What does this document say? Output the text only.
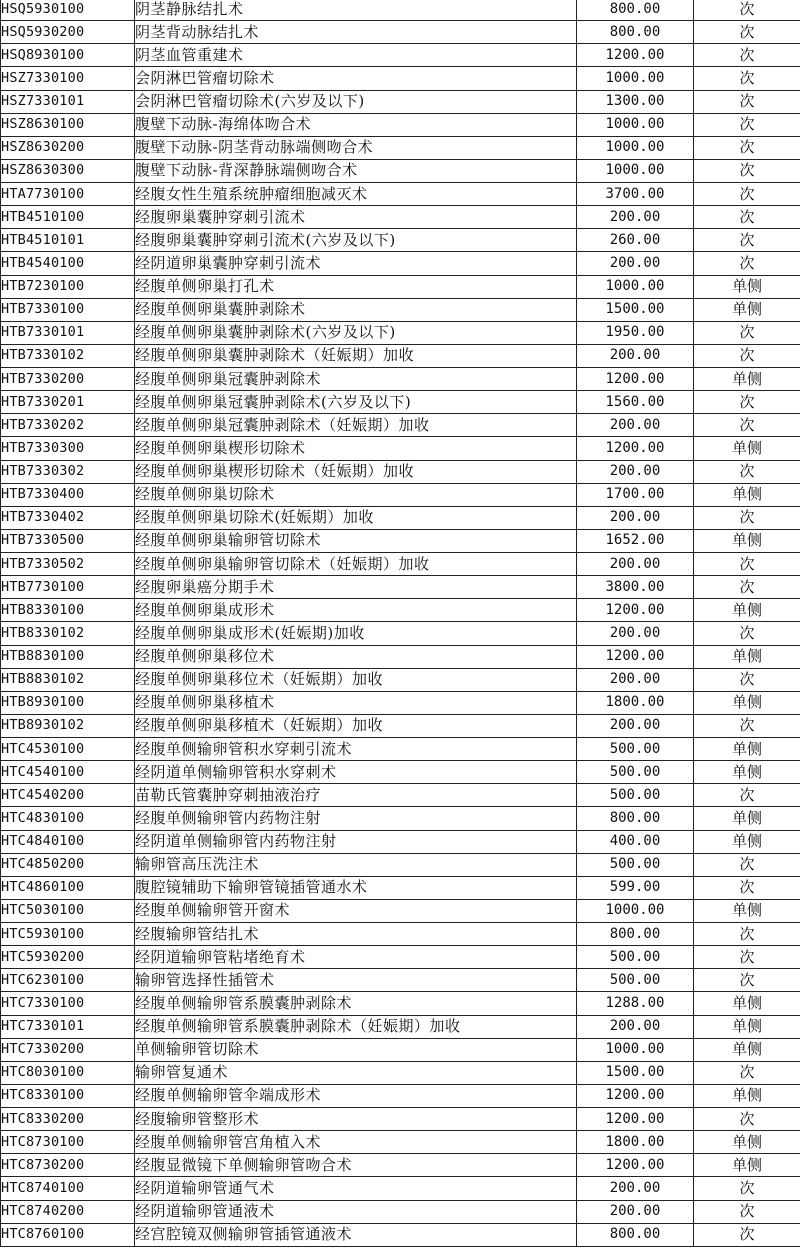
HSQ5930100	阴茎静脉结扎术	800.00	次
HSQ5930200	阴茎背动脉结扎术	800.00	次
HSQ8930100	阴茎血管重建术	1200.00	次
HSZ7330100	会阴淋巴管瘤切除术	1000.00	次
HSZ7330101	会阴淋巴管瘤切除术(六岁及以下)	1300.00	次
HSZ8630100	腹壁下动脉-海绵体吻合术	1000.00	次
HSZ8630200	腹壁下动脉-阴茎背动脉端侧吻合术	1000.00	次
HSZ8630300	腹壁下动脉-背深静脉端侧吻合术	1000.00	次
HTA7730100	经腹女性生殖系统肿瘤细胞减灭术	3700.00	次
HTB4510100	经腹卵巢囊肿穿刺引流术	200.00	次
HTB4510101	经腹卵巢囊肿穿刺引流术(六岁及以下)	260.00	次
HTB4540100	经阴道卵巢囊肿穿刺引流术	200.00	次
HTB7230100	经腹单侧卵巢打孔术	1000.00	单侧
HTB7330100	经腹单侧卵巢囊肿剥除术	1500.00	单侧
HTB7330101	经腹单侧卵巢囊肿剥除术(六岁及以下)	1950.00	次
HTB7330102	经腹单侧卵巢囊肿剥除术（妊娠期）加收	200.00	次
HTB7330200	经腹单侧卵巢冠囊肿剥除术	1200.00	单侧
HTB7330201	经腹单侧卵巢冠囊肿剥除术(六岁及以下)	1560.00	次
HTB7330202	经腹单侧卵巢冠囊肿剥除术（妊娠期）加收	200.00	次
HTB7330300	经腹单侧卵巢楔形切除术	1200.00	单侧
HTB7330302	经腹单侧卵巢楔形切除术（妊娠期）加收	200.00	次
HTB7330400	经腹单侧卵巢切除术	1700.00	单侧
HTB7330402	经腹单侧卵巢切除术(妊娠期）加收	200.00	次
HTB7330500	经腹单侧卵巢输卵管切除术	1652.00	单侧
HTB7330502	经腹单侧卵巢输卵管切除术（妊娠期）加收	200.00	次
HTB7730100	经腹卵巢癌分期手术	3800.00	次
HTB8330100	经腹单侧卵巢成形术	1200.00	单侧
HTB8330102	经腹单侧卵巢成形术(妊娠期)加收	200.00	次
HTB8830100	经腹单侧卵巢移位术	1200.00	单侧
HTB8830102	经腹单侧卵巢移位术（妊娠期）加收	200.00	次
HTB8930100	经腹单侧卵巢移植术	1800.00	单侧
HTB8930102	经腹单侧卵巢移植术（妊娠期）加收	200.00	次
HTC4530100	经腹单侧输卵管积水穿刺引流术	500.00	单侧
HTC4540100	经阴道单侧输卵管积水穿刺术	500.00	单侧
HTC4540200	苗勒氏管囊肿穿刺抽液治疗	500.00	次
HTC4830100	经腹单侧输卵管内药物注射	800.00	单侧
HTC4840100	经阴道单侧输卵管内药物注射	400.00	单侧
HTC4850200	输卵管高压洗注术	500.00	次
HTC4860100	腹腔镜辅助下输卵管镜插管通水术	599.00	次
HTC5030100	经腹单侧输卵管开窗术	1000.00	单侧
HTC5930100	经腹输卵管结扎术	800.00	次
HTC5930200	经阴道输卵管粘堵绝育术	500.00	次
HTC6230100	输卵管选择性插管术	500.00	次
HTC7330100	经腹单侧输卵管系膜囊肿剥除术	1288.00	单侧
HTC7330101	经腹单侧输卵管系膜囊肿剥除术（妊娠期）加收	200.00	单侧
HTC7330200	单侧输卵管切除术	1000.00	单侧
HTC8030100	输卵管复通术	1500.00	次
HTC8330100	经腹单侧输卵管伞端成形术	1200.00	单侧
HTC8330200	经腹输卵管整形术	1200.00	次
HTC8730100	经腹单侧输卵管宫角植入术	1800.00	单侧
HTC8730200	经腹显微镜下单侧输卵管吻合术	1200.00	单侧
HTC8740100	经阴道输卵管通气术	200.00	次
HTC8740200	经阴道输卵管通液术	200.00	次
HTC8760100	经宫腔镜双侧输卵管插管通液术	800.00	次
